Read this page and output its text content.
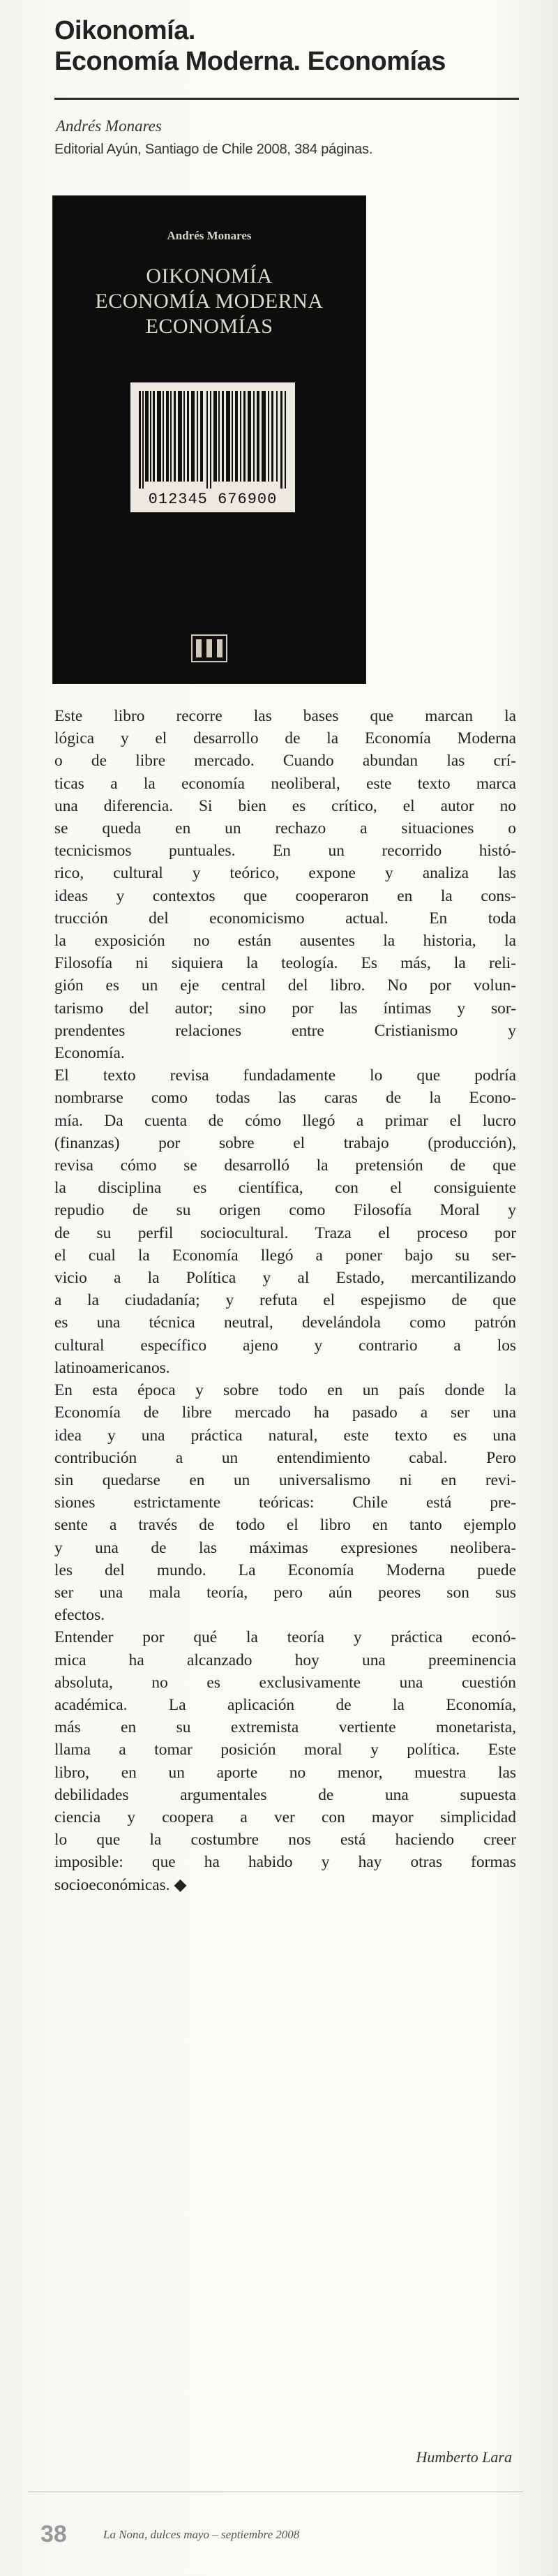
Oikonomía.
Economía Moderna. Economías
Andrés Monares
Editorial Ayún, Santiago de Chile 2008, 384 páginas.
Andrés Monares
OIKONOMÍA
ECONOMÍA MODERNA
ECONOMÍAS
012345 676900
Este libro recorre las bases que marcan la
lógica y el desarrollo de la Economía Moderna
o de libre mercado. Cuando abundan las crí-
ticas a la economía neoliberal, este texto marca
una diferencia. Si bien es crítico, el autor no
se queda en un rechazo a situaciones o
tecnicismos puntuales. En un recorrido histó-
rico, cultural y teórico, expone y analiza las
ideas y contextos que cooperaron en la cons-
trucción del economicismo actual. En toda
la exposición no están ausentes la historia, la
Filosofía ni siquiera la teología. Es más, la reli-
gión es un eje central del libro. No por volun-
tarismo del autor; sino por las íntimas y sor-
prendentes relaciones entre Cristianismo y
Economía.
El texto revisa fundadamente lo que podría
nombrarse como todas las caras de la Econo-
mía. Da cuenta de cómo llegó a primar el lucro
(finanzas) por sobre el trabajo (producción),
revisa cómo se desarrolló la pretensión de que
la disciplina es científica, con el consiguiente
repudio de su origen como Filosofía Moral y
de su perfil sociocultural. Traza el proceso por
el cual la Economía llegó a poner bajo su ser-
vicio a la Política y al Estado, mercantilizando
a la ciudadanía; y refuta el espejismo de que
es una técnica neutral, develándola como patrón
cultural específico ajeno y contrario a los
latinoamericanos.
En esta época y sobre todo en un país donde la
Economía de libre mercado ha pasado a ser una
idea y una práctica natural, este texto es una
contribución a un entendimiento cabal. Pero
sin quedarse en un universalismo ni en revi-
siones estrictamente teóricas: Chile está pre-
sente a través de todo el libro en tanto ejemplo
y una de las máximas expresiones neolibera-
les del mundo. La Economía Moderna puede
ser una mala teoría, pero aún peores son sus
efectos.
Entender por qué la teoría y práctica econó-
mica ha alcanzado hoy una preeminencia
absoluta, no es exclusivamente una cuestión
académica. La aplicación de la Economía,
más en su extremista vertiente monetarista,
llama a tomar posición moral y política. Este
libro, en un aporte no menor, muestra las
debilidades argumentales de una supuesta
ciencia y coopera a ver con mayor simplicidad
lo que la costumbre nos está haciendo creer
imposible: que ha habido y hay otras formas
socioeconómicas. ◆
Humberto Lara
38	La Nona, dulces mayo – septiembre 2008
